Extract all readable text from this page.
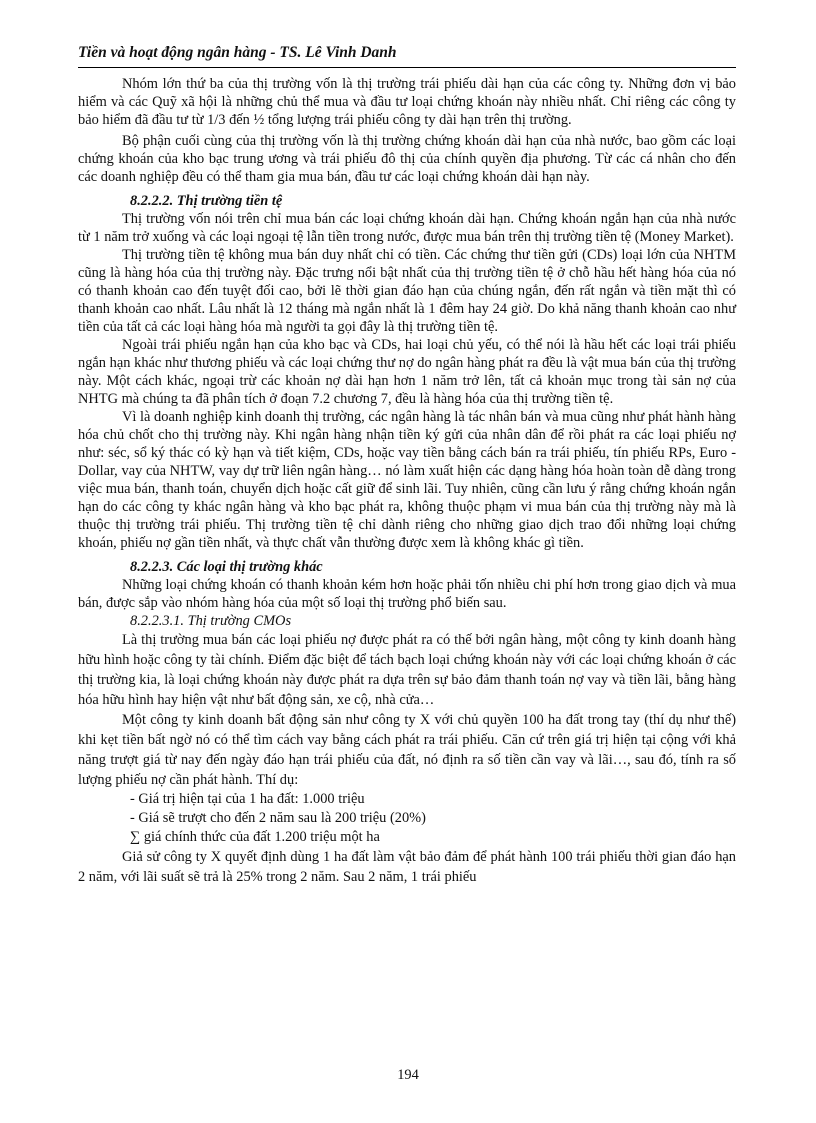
Tiền và hoạt động ngân hàng - TS. Lê Vinh Danh

Nhóm lớn thứ ba của thị trường vốn là thị trường trái phiếu dài hạn của các công ty. Những đơn vị bảo hiểm và các Quỹ xã hội là những chủ thể mua và đầu tư loại chứng khoán này nhiều nhất. Chỉ riêng các công ty bảo hiểm đã đầu tư từ 1/3 đến ½ tổng lượng trái phiếu công ty dài hạn trên thị trường.

Bộ phận cuối cùng của thị trường vốn là thị trường chứng khoán dài hạn của nhà nước, bao gồm các loại chứng khoán của kho bạc trung ương và trái phiếu đô thị của chính quyền địa phương. Từ các cá nhân cho đến các doanh nghiệp đều có thể tham gia mua bán, đầu tư các loại chứng khoán dài hạn này.

8.2.2.2. Thị trường tiền tệ

Thị trường vốn nói trên chỉ mua bán các loại chứng khoán dài hạn. Chứng khoán ngắn hạn của nhà nước từ 1 năm trở xuống và các loại ngoại tệ lẫn tiền trong nước, được mua bán trên thị trường tiền tệ (Money Market).

Thị trường tiền tệ không mua bán duy nhất chỉ có tiền. Các chứng thư tiền gửi (CDs) loại lớn của NHTM cũng là hàng hóa của thị trường này. Đặc trưng nổi bật nhất của thị trường tiền tệ ở chỗ hầu hết hàng hóa của nó có thanh khoản cao đến tuyệt đối cao, bởi lẽ thời gian đáo hạn của chúng ngắn, đến rất ngắn và tiền mặt thì có thanh khoản cao nhất. Lâu nhất là 12 tháng mà ngắn nhất là 1 đêm hay 24 giờ. Do khả năng thanh khoản cao như tiền của tất cả các loại hàng hóa mà người ta gọi đây là thị trường tiền tệ.

Ngoài trái phiếu ngắn hạn của kho bạc và CDs, hai loại chủ yếu, có thể nói là hầu hết các loại trái phiếu ngắn hạn khác như thương phiếu và các loại chứng thư nợ do ngân hàng phát ra đều là vật mua bán của thị trường này. Một cách khác, ngoại trừ các khoản nợ dài hạn hơn 1 năm trở lên, tất cả khoản mục trong tài sản nợ của NHTG mà chúng ta đã phân tích ở đoạn 7.2 chương 7, đều là hàng hóa của thị trường tiền tệ.

Vì là doanh nghiệp kinh doanh thị trường, các ngân hàng là tác nhân bán và mua cũng như phát hành hàng hóa chủ chốt cho thị trường này. Khi ngân hàng nhận tiền ký gửi của nhân dân để rồi phát ra các loại phiếu nợ như: séc, sổ ký thác có kỳ hạn và tiết kiệm, CDs, hoặc vay tiền bằng cách bán ra trái phiếu, tín phiếu RPs, Euro - Dollar, vay của NHTW, vay dự trữ liên ngân hàng… nó làm xuất hiện các dạng hàng hóa hoàn toàn dễ dàng trong việc mua bán, thanh toán, chuyển dịch hoặc cất giữ để sinh lãi. Tuy nhiên, cũng cần lưu ý rằng chứng khoán ngắn hạn do các công ty khác ngân hàng và kho bạc phát ra, không thuộc phạm vi mua bán của thị trường này mà là thuộc thị trường trái phiếu. Thị trường tiền tệ chỉ dành riêng cho những giao dịch trao đổi những loại chứng khoán, phiếu nợ gần tiền nhất, và thực chất vẫn thường được xem là không khác gì tiền.

8.2.2.3. Các loại thị trường khác

Những loại chứng khoán có thanh khoản kém hơn hoặc phải tốn nhiều chi phí hơn trong giao dịch và mua bán, được sắp vào nhóm hàng hóa của một số loại thị trường phổ biến sau.

8.2.2.3.1. Thị trường CMOs

Là thị trường mua bán các loại phiếu nợ được phát ra có thế bởi ngân hàng, một công ty kinh doanh hàng hữu hình hoặc công ty tài chính. Điểm đặc biệt để tách bạch loại chứng khoán này với các loại chứng khoán ở các thị trường kia, là loại chứng khoán này được phát ra dựa trên sự bảo đảm thanh toán nợ vay và tiền lãi, bằng hàng hóa hữu hình hay hiện vật như bất động sản, xe cộ, nhà cửa…

Một công ty kinh doanh bất động sản như công ty X với chủ quyền 100 ha đất trong tay (thí dụ như thế) khi kẹt tiền bất ngờ nó có thể tìm cách vay bằng cách phát ra trái phiếu. Căn cứ trên giá trị hiện tại cộng với khả năng trượt giá từ nay đến ngày đáo hạn trái phiếu của đất, nó định ra số tiền cần vay và lãi…, sau đó, tính ra số lượng phiếu nợ cần phát hành. Thí dụ:

- Giá trị hiện tại của 1 ha đất: 1.000 triệu
- Giá sẽ trượt cho đến 2 năm sau là 200 triệu (20%)
∑ giá chính thức của đất 1.200 triệu một ha

Giả sử công ty X quyết định dùng 1 ha đất làm vật bảo đảm để phát hành 100 trái phiếu thời gian đáo hạn 2 năm, với lãi suất sẽ trả là 25% trong 2 năm. Sau 2 năm, 1 trái phiếu

194
